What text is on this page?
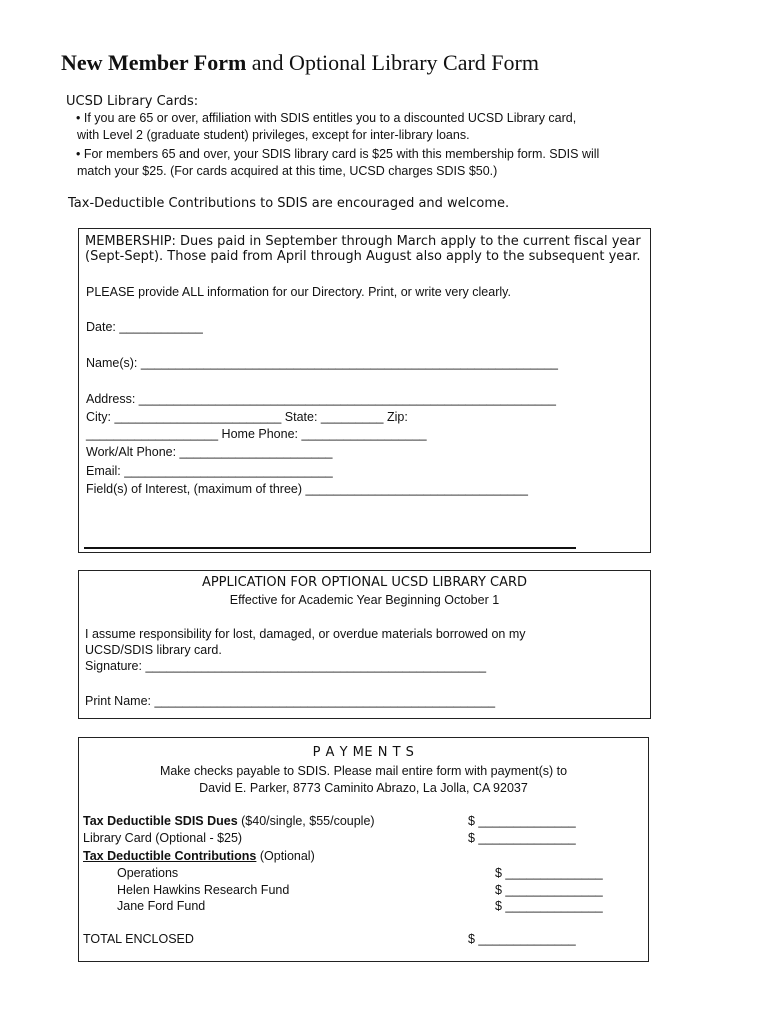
New Member Form and Optional Library Card Form
UCSD Library Cards:
• If you are 65 or over, affiliation with SDIS entitles you to a discounted UCSD Library card,
with Level 2 (graduate student) privileges, except for inter-library loans.
• For members 65 and over, your SDIS library card is $25 with this membership form. SDIS will
match your $25. (For cards acquired at this time, UCSD charges SDIS $50.)
Tax-Deductible Contributions to SDIS are encouraged and welcome.
MEMBERSHIP: Dues paid in September through March apply to the current fiscal year
(Sept-Sept). Those paid from April through August also apply to the subsequent year.
PLEASE provide ALL information for our Directory. Print, or write very clearly.
Date: ____________
Name(s): ____________________________________________________________
Address: ____________________________________________________________
City: ________________________ State: _________ Zip:
___________________ Home Phone: __________________
Work/Alt Phone: ______________________
Email: ______________________________
Field(s) of Interest, (maximum of three) ________________________________
APPLICATION FOR OPTIONAL UCSD LIBRARY CARD
Effective for Academic Year Beginning October 1
I assume responsibility for lost, damaged, or overdue materials borrowed on my
UCSD/SDIS library card.
Signature: _________________________________________________
Print Name: _________________________________________________
P A Y ME N T S
Make checks payable to SDIS. Please mail entire form with payment(s) to
David E. Parker, 8773 Caminito Abrazo, La Jolla, CA 92037
Tax Deductible SDIS Dues ($40/single, $55/couple)	$ ______________
Library Card (Optional - $25)	$ ______________
Tax Deductible Contributions (Optional)
Operations	$ ______________
Helen Hawkins Research Fund	$ ______________
Jane Ford Fund	$ ______________
TOTAL ENCLOSED	$ ______________
